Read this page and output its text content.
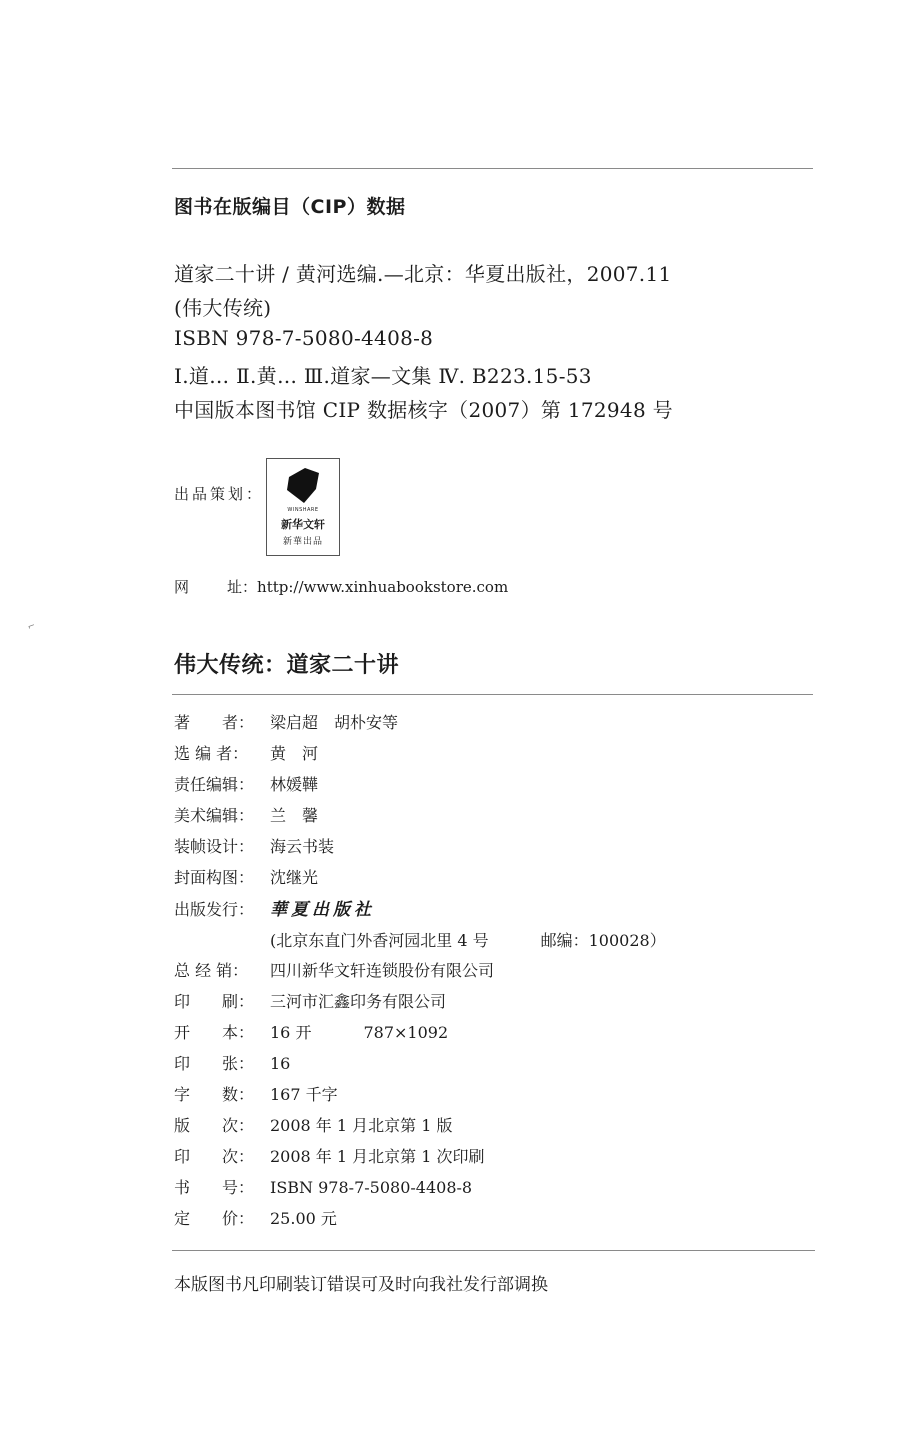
图书在版编目（CIP）数据
道家二十讲 / 黄河选编.—北京：华夏出版社，2007.11
(伟大传统)
ISBN 978-7-5080-4408-8
Ⅰ.道… Ⅱ.黄… Ⅲ.道家—文集 Ⅳ. B223.15-53
中国版本图书馆 CIP 数据核字（2007）第 172948 号
出品策划：
WINSHARE
新华文轩
新華出品
网	址：http://www.xinhuabookstore.com
⌐
伟大传统：道家二十讲
著　　者： 梁启超　胡朴安等
选 编 者： 黄　河
责任编辑： 林媛鞾
美术编辑： 兰　馨
装帧设计： 海云书装
封面构图： 沈继光
出版发行： 華夏出版社
(北京东直门外香河园北里 4 号	邮编：100028）
总 经 销： 四川新华文轩连锁股份有限公司
印　　刷： 三河市汇鑫印务有限公司
开　　本： 16 开	787×1092
印　　张： 16
字　　数： 167 千字
版　　次： 2008 年 1 月北京第 1 版
印　　次： 2008 年 1 月北京第 1 次印刷
书　　号： ISBN 978-7-5080-4408-8
定　　价： 25.00 元
本版图书凡印刷装订错误可及时向我社发行部调换
